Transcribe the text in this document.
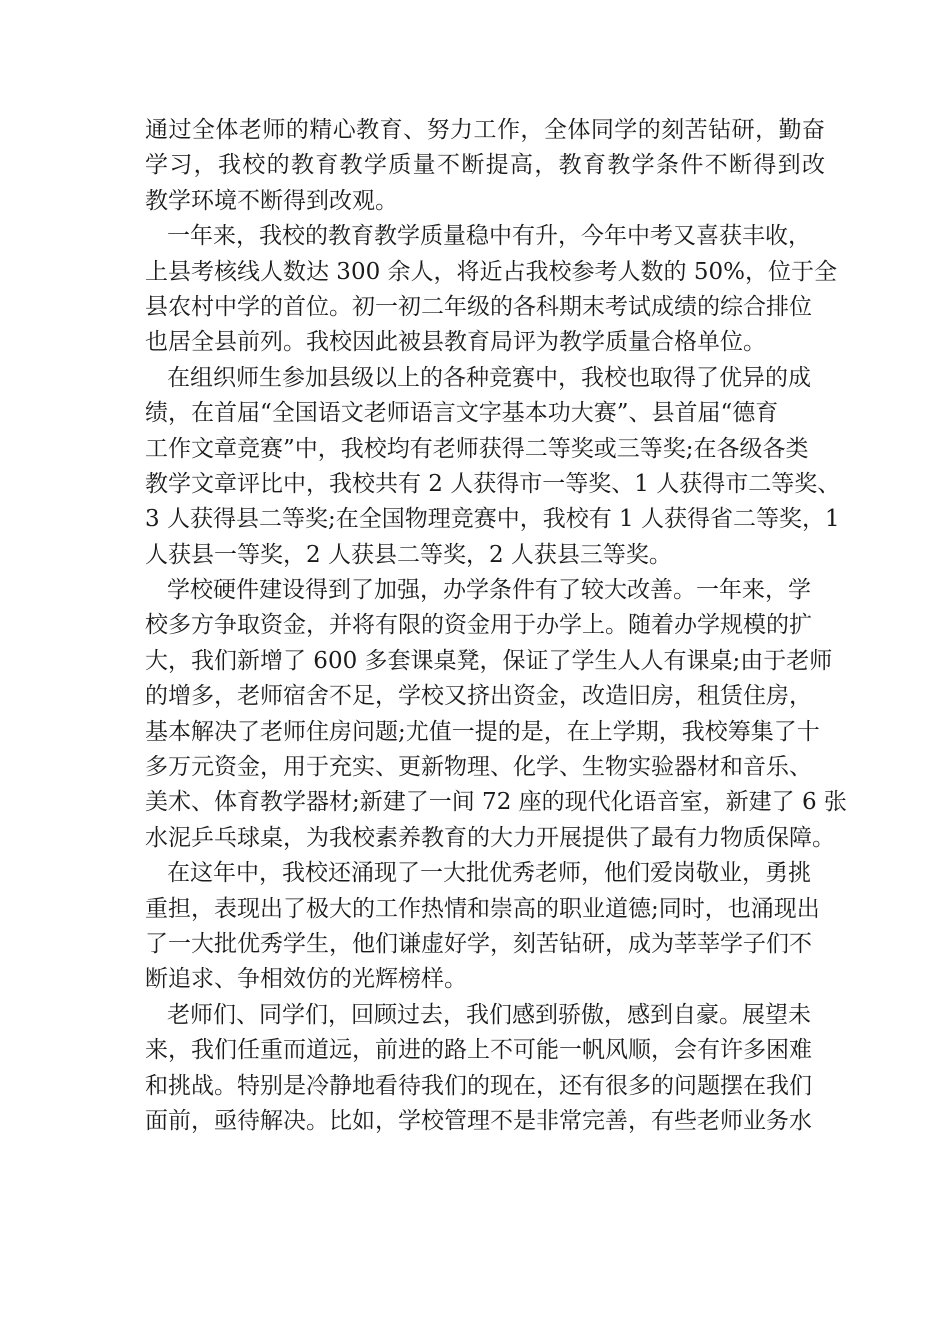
通过全体老师的精心教育、努力工作，全体同学的刻苦钻研，勤奋
学习，我校的教育教学质量不断提高，教育教学条件不断得到改
教学环境不断得到改观。
一年来，我校的教育教学质量稳中有升，今年中考又喜获丰收，
上县考核线人数达 300 余人，将近占我校参考人数的 50%，位于全
县农村中学的首位。初一初二年级的各科期末考试成绩的综合排位
也居全县前列。我校因此被县教育局评为教学质量合格单位。
在组织师生参加县级以上的各种竞赛中，我校也取得了优异的成
绩，在首届“全国语文老师语言文字基本功大赛”、县首届“德育
工作文章竞赛”中，我校均有老师获得二等奖或三等奖;在各级各类
教学文章评比中，我校共有 2 人获得市一等奖、1 人获得市二等奖、
3 人获得县二等奖;在全国物理竞赛中，我校有 1 人获得省二等奖，1
人获县一等奖，2 人获县二等奖，2 人获县三等奖。
学校硬件建设得到了加强，办学条件有了较大改善。一年来，学
校多方争取资金，并将有限的资金用于办学上。随着办学规模的扩
大，我们新增了 600 多套课桌凳，保证了学生人人有课桌;由于老师
的增多，老师宿舍不足，学校又挤出资金，改造旧房，租赁住房，
基本解决了老师住房问题;尤值一提的是，在上学期，我校筹集了十
多万元资金，用于充实、更新物理、化学、生物实验器材和音乐、
美术、体育教学器材;新建了一间 72 座的现代化语音室，新建了 6 张
水泥乒乓球桌，为我校素养教育的大力开展提供了最有力物质保障。
在这年中，我校还涌现了一大批优秀老师，他们爱岗敬业，勇挑
重担，表现出了极大的工作热情和崇高的职业道德;同时，也涌现出
了一大批优秀学生，他们谦虚好学，刻苦钻研，成为莘莘学子们不
断追求、争相效仿的光辉榜样。
老师们、同学们，回顾过去，我们感到骄傲，感到自豪。展望未
来，我们任重而道远，前进的路上不可能一帆风顺，会有许多困难
和挑战。特别是冷静地看待我们的现在，还有很多的问题摆在我们
面前，亟待解决。比如，学校管理不是非常完善，有些老师业务水
